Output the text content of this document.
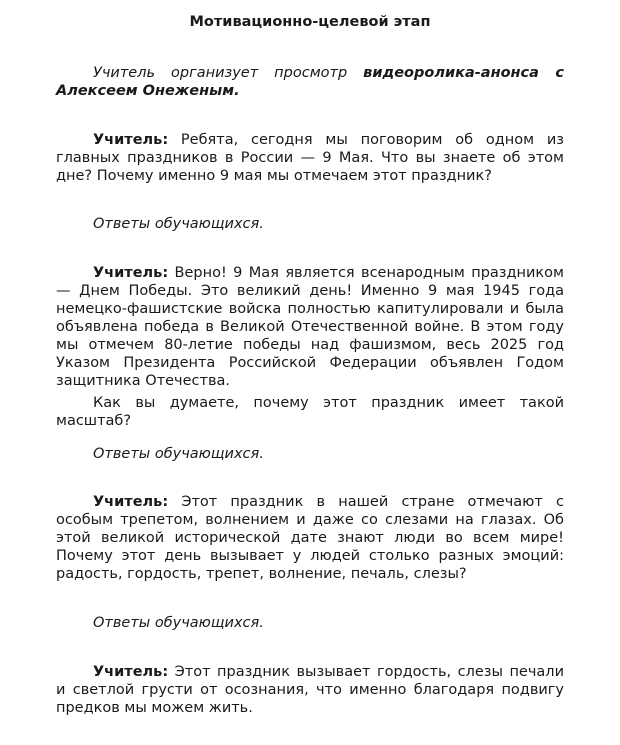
Мотивационно-целевой этап

Учитель организует просмотр видеоролика-анонса с Алексеем Онеженым.

Учитель: Ребята, сегодня мы поговорим об одном из главных праздников в России — 9 Мая. Что вы знаете об этом дне? Почему именно 9 мая мы отмечаем этот праздник?

Ответы обучающихся.

Учитель: Верно! 9 Мая является всенародным праздником — Днем Победы. Это великий день! Именно 9 мая 1945 года немецко-фашистские войска полностью капитулировали и была объявлена победа в Великой Отечественной войне. В этом году мы отмечем 80-летие победы над фашизмом, весь 2025 год Указом Президента Российской Федерации объявлен Годом защитника Отечества.

Как вы думаете, почему этот праздник имеет такой масштаб?

Ответы обучающихся.

Учитель: Этот праздник в нашей стране отмечают с особым трепетом, волнением и даже со слезами на глазах. Об этой великой исторической дате знают люди во всем мире! Почему этот день вызывает у людей столько разных эмоций: радость, гордость, трепет, волнение, печаль, слезы?

Ответы обучающихся.

Учитель: Этот праздник вызывает гордость, слезы печали и светлой грусти от осознания, что именно благодаря подвигу предков мы можем жить.
